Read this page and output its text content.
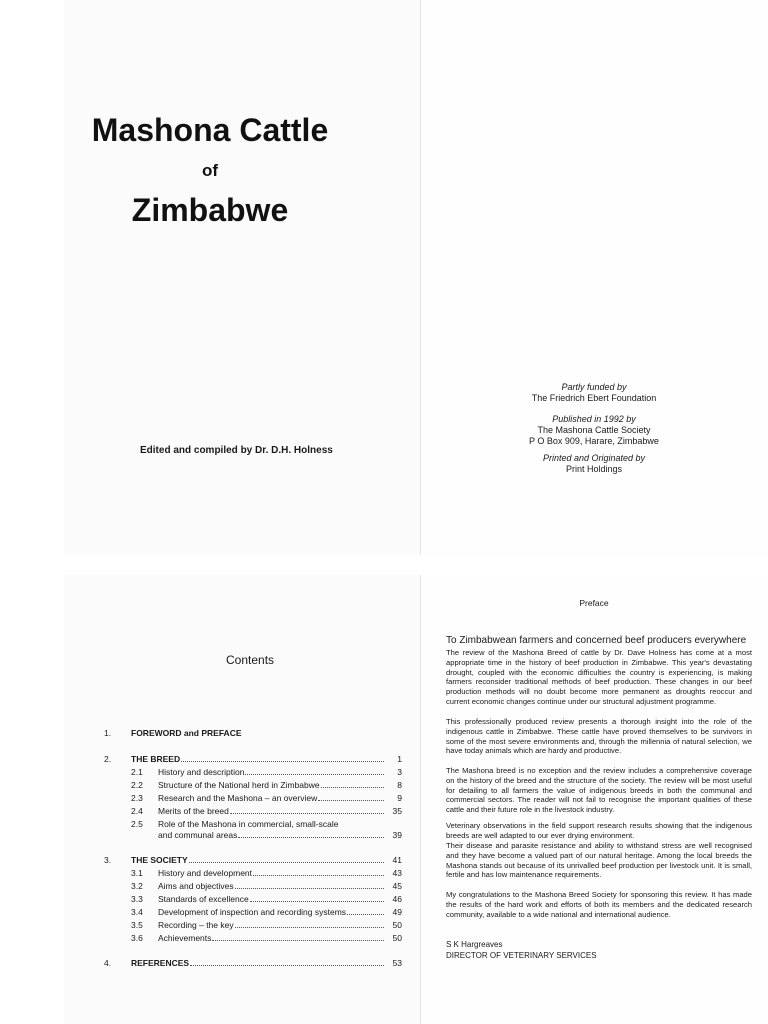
Mashona Cattle
of
Zimbabwe
Edited and compiled by Dr. D.H. Holness
Partly funded by
The Friedrich Ebert Foundation
Published in 1992 by
The Mashona Cattle Society
P O Box 909, Harare, Zimbabwe
Printed and Originated by
Print Holdings
Contents
1. FOREWORD and PREFACE
2. THE BREED	1
2.1 History and description	3
2.2 Structure of the National herd in Zimbabwe	8
2.3 Research and the Mashona – an overview	9
2.4 Merits of the breed	35
2.5 Role of the Mashona in commercial, small-scale
and communal areas	39
3. THE SOCIETY	41
3.1 History and development	43
3.2 Aims and objectives	45
3.3 Standards of excellence	46
3.4 Development of inspection and recording systems	49
3.5 Recording – the key	50
3.6 Achievements	50
4. REFERENCES	53
Preface
To Zimbabwean farmers and concerned beef producers everywhere
The review of the Mashona Breed of cattle by Dr. Dave Holness has come at a most appropriate time in the history of beef production in Zimbabwe. This year's devastating drought, coupled with the economic difficulties the country is experiencing, is making farmers reconsider traditional methods of beef production. These changes in our beef production methods will no doubt become more permanent as droughts reoccur and current economic changes continue under our structural adjustment programme.
This professionally produced review presents a thorough insight into the role of the indigenous cattle in Zimbabwe. These cattle have proved themselves to be survivors in some of the most severe environments and, through the millennia of natural selection, we have today animals which are hardy and productive.
The Mashona breed is no exception and the review includes a comprehensive coverage on the history of the breed and the structure of the society. The review will be most useful for detailing to all farmers the value of indigenous breeds in both the communal and commercial sectors. The reader will not fail to recognise the important qualities of these cattle and their future role in the livestock industry.
Veterinary observations in the field support research results showing that the indigenous breeds are well adapted to our ever drying environment.
Their disease and parasite resistance and ability to withstand stress are well recognised and they have become a valued part of our natural heritage. Among the local breeds the Mashona stands out because of its unrivalled beef production per livestock unit. It is small, fertile and has low maintenance requirements.
My congratulations to the Mashona Breed Society for sponsoring this review. It has made the results of the hard work and efforts of both its members and the dedicated research community, available to a wide national and international audience.
S K Hargreaves
DIRECTOR OF VETERINARY SERVICES
